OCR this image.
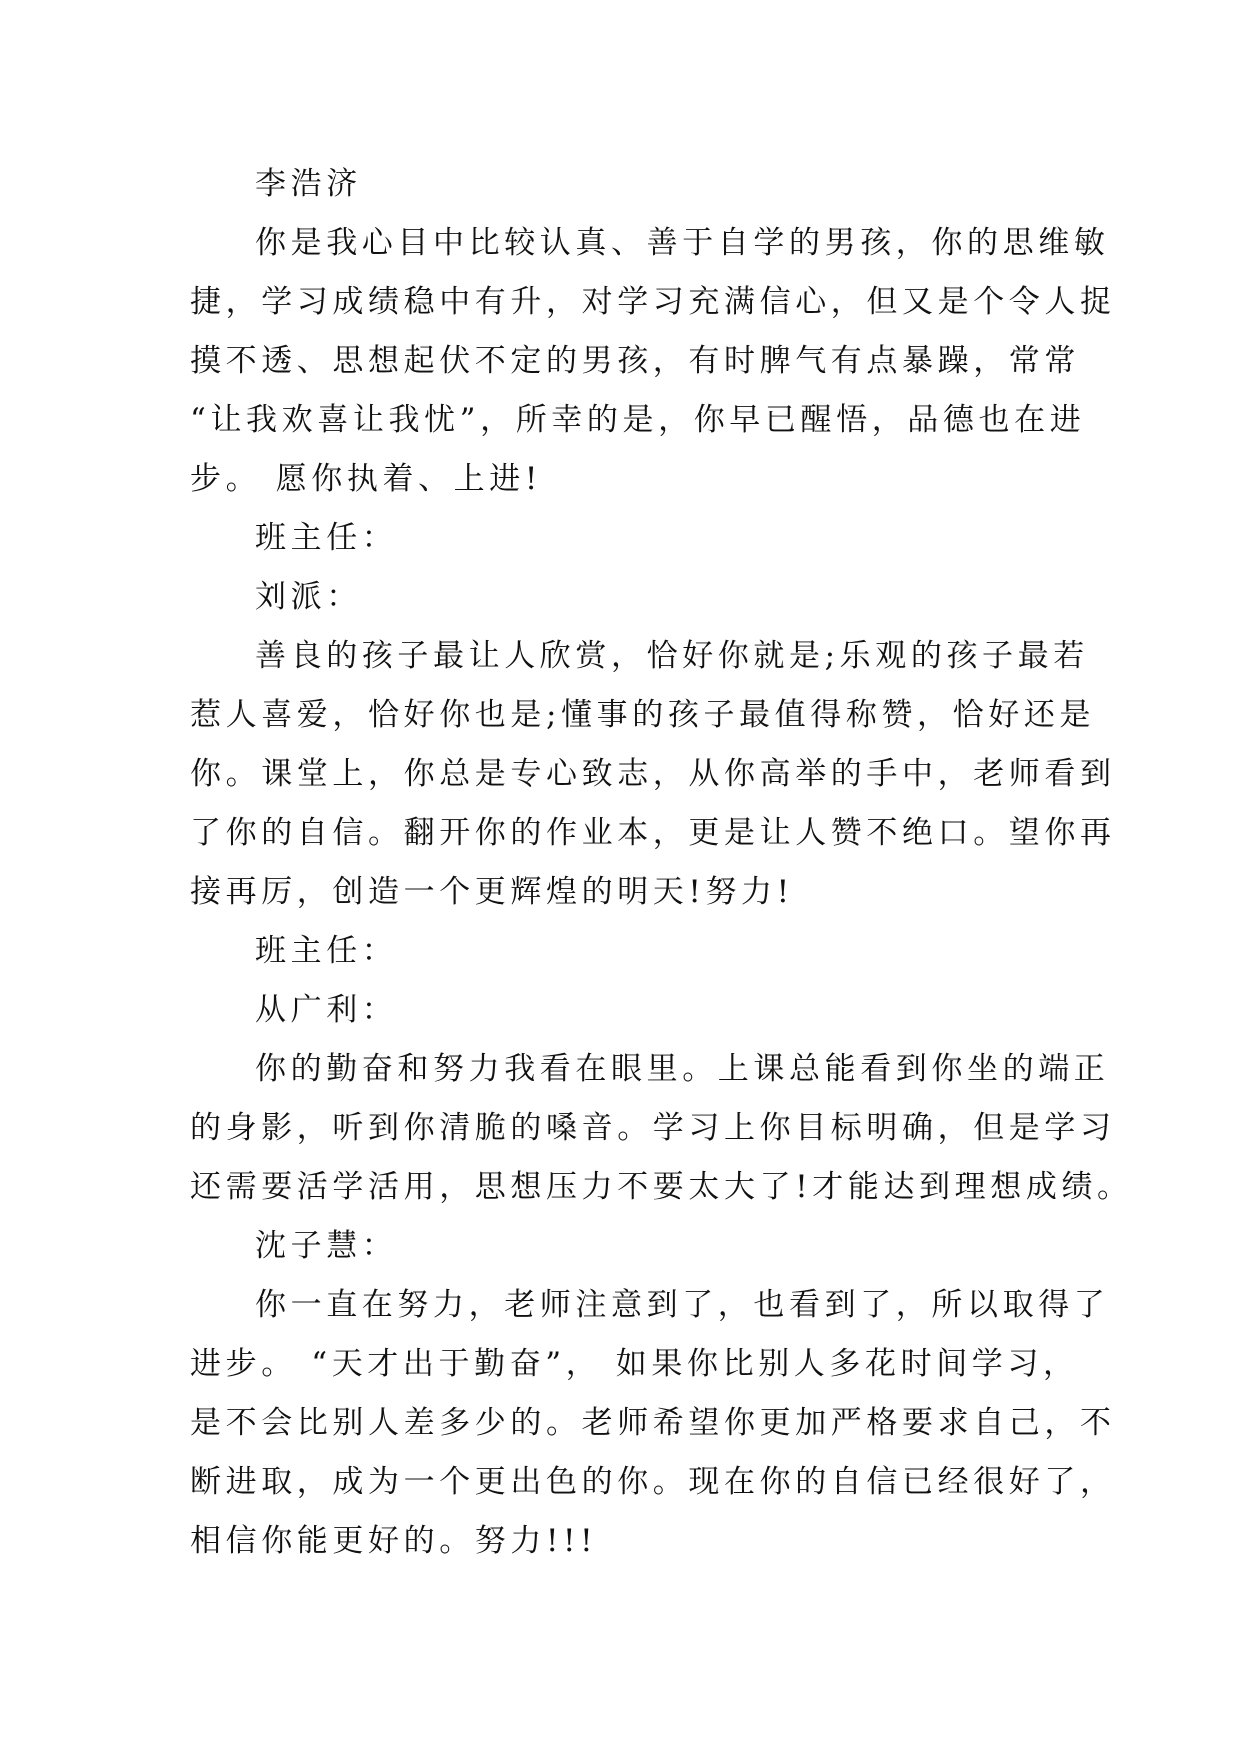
李浩济
你是我心目中比较认真、善于自学的男孩，你的思维敏
捷，学习成绩稳中有升，对学习充满信心，但又是个令人捉
摸不透、思想起伏不定的男孩，有时脾气有点暴躁，常常
“让我欢喜让我忧”，所幸的是，你早已醒悟，品德也在进
步。 愿你执着、上进!
班主任：
刘派：
善良的孩子最让人欣赏，恰好你就是;乐观的孩子最若
惹人喜爱，恰好你也是;懂事的孩子最值得称赞，恰好还是
你。课堂上，你总是专心致志，从你高举的手中，老师看到
了你的自信。翻开你的作业本，更是让人赞不绝口。望你再
接再厉，创造一个更辉煌的明天!努力!
班主任：
从广利：
你的勤奋和努力我看在眼里。上课总能看到你坐的端正
的身影，听到你清脆的嗓音。学习上你目标明确，但是学习
还需要活学活用，思想压力不要太大了!才能达到理想成绩。
沈子慧：
你一直在努力，老师注意到了，也看到了，所以取得了
进步。 “天才出于勤奋”， 如果你比别人多花时间学习，
是不会比别人差多少的。老师希望你更加严格要求自己，不
断进取，成为一个更出色的你。现在你的自信已经很好了，
相信你能更好的。努力!!!
